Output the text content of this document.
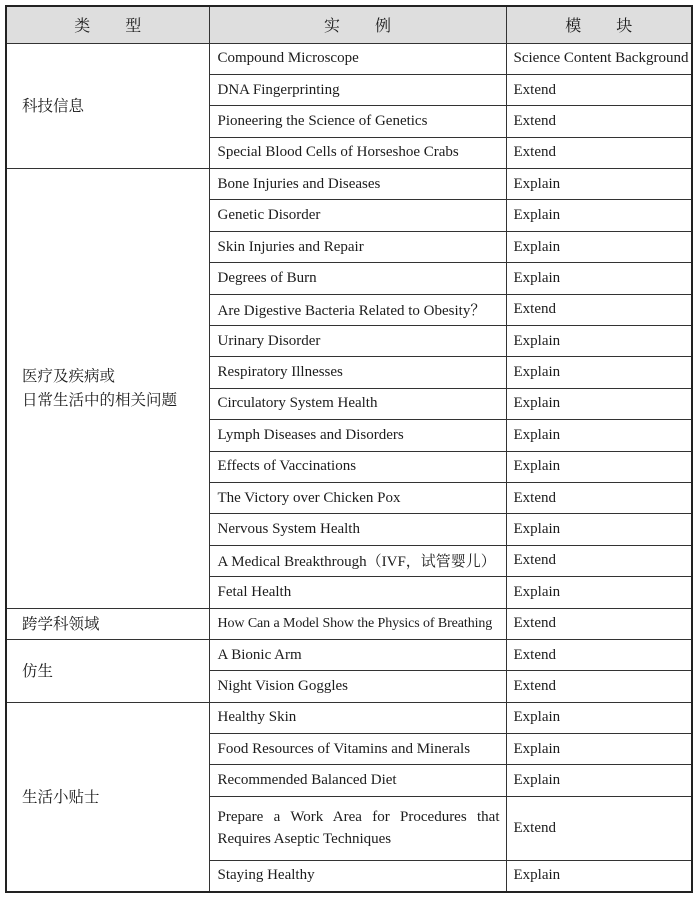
类 型	实 例	模 块
科技信息	Compound Microscope	Science Content Background
	DNA Fingerprinting	Extend
	Pioneering the Science of Genetics	Extend
	Special Blood Cells of Horseshoe Crabs	Extend
医疗及疾病或
日常生活中的相关问题	Bone Injuries and Diseases	Explain
	Genetic Disorder	Explain
	Skin Injuries and Repair	Explain
	Degrees of Burn	Explain
	Are Digestive Bacteria Related to Obesity？	Extend
	Urinary Disorder	Explain
	Respiratory Illnesses	Explain
	Circulatory System Health	Explain
	Lymph Diseases and Disorders	Explain
	Effects of Vaccinations	Explain
	The Victory over Chicken Pox	Extend
	Nervous System Health	Explain
	A Medical Breakthrough（IVF，试管婴儿）	Extend
	Fetal Health	Explain
跨学科领域	How Can a Model Show the Physics of Breathing	Extend
仿生	A Bionic Arm	Extend
	Night Vision Goggles	Extend
生活小贴士	Healthy Skin	Explain
	Food Resources of Vitamins and Minerals	Explain
	Recommended Balanced Diet	Explain
	Prepare a Work Area for Procedures that Requires Aseptic Techniques	Extend
	Staying Healthy	Explain
